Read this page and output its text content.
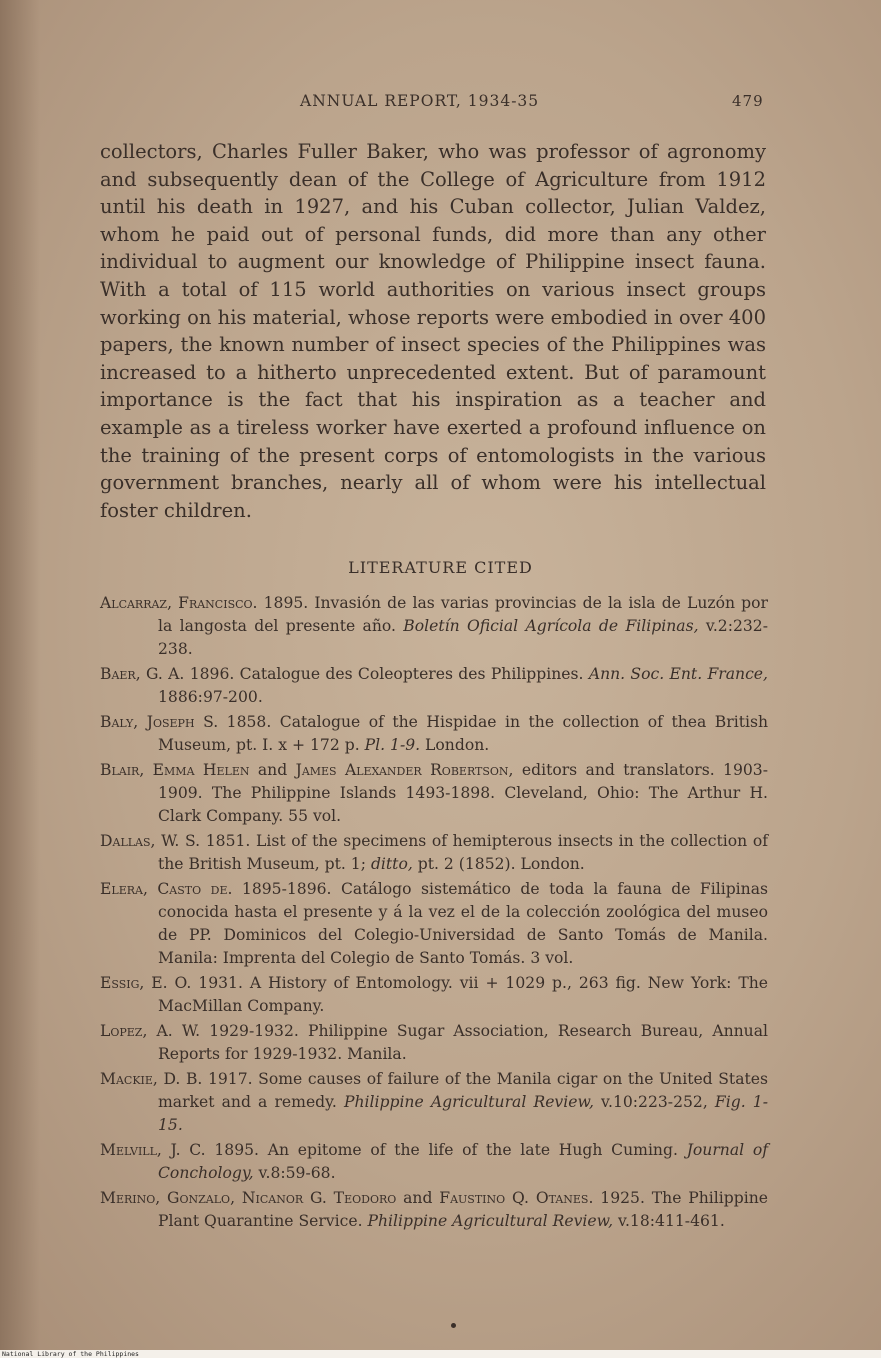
ANNUAL REPORT, 1934-35	479

collectors, Charles Fuller Baker, who was professor of agronomy and subsequently dean of the College of Agriculture from 1912 until his death in 1927, and his Cuban collector, Julian Valdez, whom he paid out of personal funds, did more than any other individual to augment our knowledge of Philippine insect fauna. With a total of 115 world authorities on various insect groups working on his material, whose reports were embodied in over 400 papers, the known number of insect species of the Philippines was increased to a hitherto unprecedented extent. But of paramount importance is the fact that his inspiration as a teacher and example as a tireless worker have exerted a profound influence on the training of the present corps of entomologists in the various government branches, nearly all of whom were his intellectual foster children.

LITERATURE CITED

Alcarraz, Francisco. 1895. Invasión de las varias provincias de la isla de Luzón por la langosta del presente año. Boletín Oficial Agrícola de Filipinas, v.2:232-238.

Baer, G. A. 1896. Catalogue des Coleopteres des Philippines. Ann. Soc. Ent. France, 1886:97-200.

Baly, Joseph S. 1858. Catalogue of the Hispidae in the collection of thea British Museum, pt. I. x + 172 p. Pl. 1-9. London.

Blair, Emma Helen and James Alexander Robertson, editors and translators. 1903-1909. The Philippine Islands 1493-1898. Cleveland, Ohio: The Arthur H. Clark Company. 55 vol.

Dallas, W. S. 1851. List of the specimens of hemipterous insects in the collection of the British Museum, pt. 1; ditto, pt. 2 (1852). London.

Elera, Casto de. 1895-1896. Catálogo sistemático de toda la fauna de Filipinas conocida hasta el presente y á la vez el de la colección zoológica del museo de PP. Dominicos del Colegio-Universidad de Santo Tomás de Manila. Manila: Imprenta del Colegio de Santo Tomás. 3 vol.

Essig, E. O. 1931. A History of Entomology. vii + 1029 p., 263 fig. New York: The MacMillan Company.

Lopez, A. W. 1929-1932. Philippine Sugar Association, Research Bureau, Annual Reports for 1929-1932. Manila.

Mackie, D. B. 1917. Some causes of failure of the Manila cigar on the United States market and a remedy. Philippine Agricultural Review, v.10:223-252, Fig. 1-15.

Melvill, J. C. 1895. An epitome of the life of the late Hugh Cuming. Journal of Conchology, v.8:59-68.

Merino, Gonzalo, Nicanor G. Teodoro and Faustino Q. Otanes. 1925. The Philippine Plant Quarantine Service. Philippine Agricultural Review, v.18:411-461.

National Library of the Philippines
